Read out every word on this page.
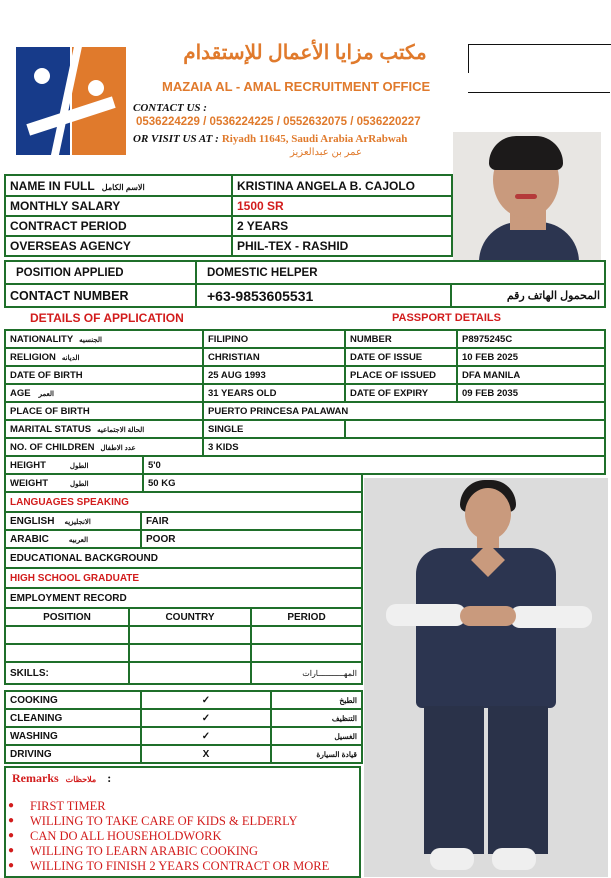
مكتب مزايا الأعمال للإستقدام
MAZAIA AL - AMAL RECRUITMENT OFFICE
CONTACT US :
0536224229 / 0536224225 / 0552632075 / 0536220227
OR VISIT US AT : Riyadh 11645, Saudi Arabia ArRabwah
عمر بن عبدالعزيز
NAME IN FULL الاسم الكامل	KRISTINA ANGELA B. CAJOLO
MONTHLY SALARY	1500 SR
CONTRACT PERIOD	2 YEARS
OVERSEAS AGENCY	PHIL-TEX - RASHID
POSITION APPLIED	DOMESTIC HELPER	
CONTACT NUMBER	+63-9853605531	المحمول الهاتف رقم
DETAILS OF APPLICATION	PASSPORT DETAILS
NATIONALITY الجنسيه	FILIPINO	NUMBER	P8975245C
RELIGION الديانه	CHRISTIAN	DATE OF ISSUE	10 FEB 2025
DATE OF BIRTH	25 AUG 1993	PLACE OF ISSUED	DFA MANILA
AGE العمر	31 YEARS OLD	DATE OF EXPIRY	09 FEB 2035
PLACE OF BIRTH	PUERTO PRINCESA PALAWAN		
MARITAL STATUS الحالة الاجتماعيه	SINGLE		
NO. OF CHILDREN عدد الاطفال	3 KIDS		
HEIGHT	الطول	5'0
WEIGHT	الطول	50 KG
LANGUAGES SPEAKING	
ENGLISH الانجليزيه	FAIR
ARABIC العربيه	POOR
EDUCATIONAL BACKGROUND	
HIGH SCHOOL GRADUATE	
EMPLOYMENT RECORD	
POSITION	COUNTRY	PERIOD

SKILLS:		المهـــــــــــارات
COOKING	✓	الطبخ
CLEANING	✓	التنظيف
WASHING	✓	الغسيل
DRIVING	X	قيادة السيارة
Remarks ملاحظات :
● FIRST TIMER
● WILLING TO TAKE CARE OF KIDS & ELDERLY
● CAN DO ALL HOUSEHOLDWORK
● WILLING TO LEARN ARABIC COOKING
● WILLING TO FINISH 2 YEARS CONTRACT OR MORE
